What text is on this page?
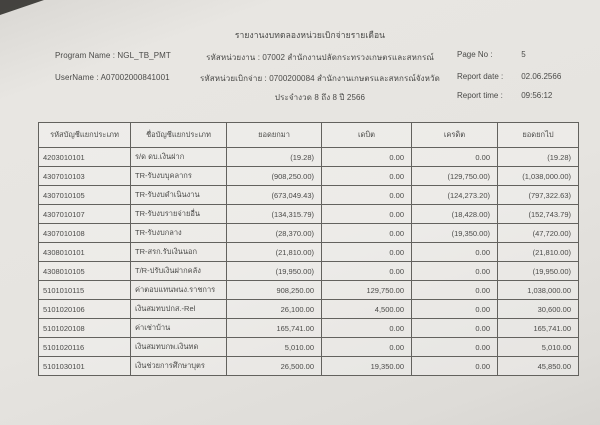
รายงานงบทดลองหน่วยเบิกจ่ายรายเดือน
Program Name : NGL_TB_PMT
UserName : A07002000841001
รหัสหน่วยงาน : 07002 สำนักงานปลัดกระทรวงเกษตรและสหกรณ์
รหัสหน่วยเบิกจ่าย : 0700200084 สำนักงานเกษตรและสหกรณ์จังหวัด
ประจำงวด 8 ถึง 8 ปี 2566
Page No :	5
Report date : 02.06.2566
Report time : 09:56:12
รหัสบัญชีแยกประเภท	ชื่อบัญชีแยกประเภท	ยอดยกมา	เดบิต	เครดิต	ยอดยกไป
4203010101	ร/ด ดบ.เงินฝาก	(19.28)	0.00	0.00	(19.28)
4307010103	TR-รับงบบุคลากร	(908,250.00)	0.00	(129,750.00)	(1,038,000.00)
4307010105	TR-รับงบดำเนินงาน	(673,049.43)	0.00	(124,273.20)	(797,322.63)
4307010107	TR-รับงบรายจ่ายอื่น	(134,315.79)	0.00	(18,428.00)	(152,743.79)
4307010108	TR-รับงบกลาง	(28,370.00)	0.00	(19,350.00)	(47,720.00)
4308010101	TR-สรก.รับเงินนอก	(21,810.00)	0.00	0.00	(21,810.00)
4308010105	T/R-ปรับเงินฝากคลัง	(19,950.00)	0.00	0.00	(19,950.00)
5101010115	ค่าตอบแทนพนง.ราชการ	908,250.00	129,750.00	0.00	1,038,000.00
5101020106	เงินสมทบปกส.-Rel	26,100.00	4,500.00	0.00	30,600.00
5101020108	ค่าเช่าบ้าน	165,741.00	0.00	0.00	165,741.00
5101020116	เงินสมทบกพ.เงินทด	5,010.00	0.00	0.00	5,010.00
5101030101	เงินช่วยการศึกษาบุตร	26,500.00	19,350.00	0.00	45,850.00
